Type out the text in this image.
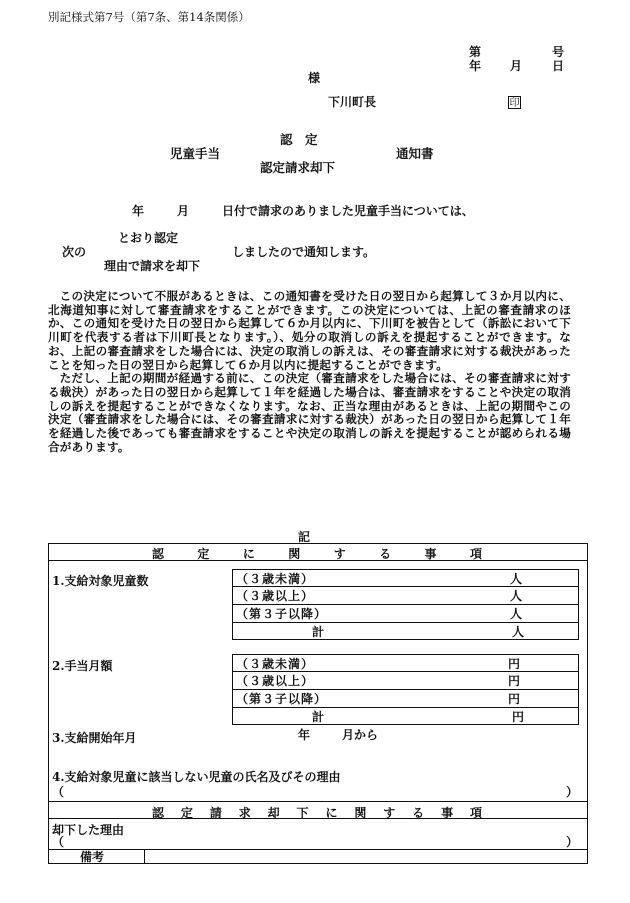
別記様式第7号（第7条、第14条関係）
第	号
年 月 日
様
下川町長	印
認　定
児童手当	通知書
認定請求却下
年	月	日付で請求のありました児童手当については、
とおり認定
次の	しましたので通知します。
理由で請求を却下

この決定について不服があるときは、この通知書を受けた日の翌日から起算して３か月以内に、北海道知事に対して審査請求をすることができます。この決定については、上記の審査請求のほか、この通知を受けた日の翌日から起算して６か月以内に、下川町を被告として（訴訟において下川町を代表する者は下川町長となります。）、処分の取消しの訴えを提起することができます。なお、上記の審査請求をした場合には、決定の取消しの訴えは、その審査請求に対する裁決があったことを知った日の翌日から起算して６か月以内に提起することができます。

ただし、上記の期間が経過する前に、この決定（審査請求をした場合には、その審査請求に対する裁決）があった日の翌日から起算して１年を経過した場合は、審査請求をすることや決定の取消しの訴えを提起することができなくなります。なお、正当な理由があるときは、上記の期間やこの決定（審査請求をした場合には、その審査請求に対する裁決）があった日の翌日から起算して１年を経過した後であっても審査請求をすることや決定の取消しの訴えを提起することが認められる場合があります。

記
認	定	に	関	す	る	事	項
1.支給対象児童数	（３歳未満）	人
（３歳以上）	人
（第３子以降）	人
計	人
2.手当月額	（３歳未満）	円
（３歳以上）	円
（第３子以降）	円
計	円
3.支給開始年月	年	月から
4.支給対象児童に該当しない児童の氏名及びその理由
（	）
認 定 請 求 却 下 に 関 す る 事 項
却下した理由
（	）
備考
